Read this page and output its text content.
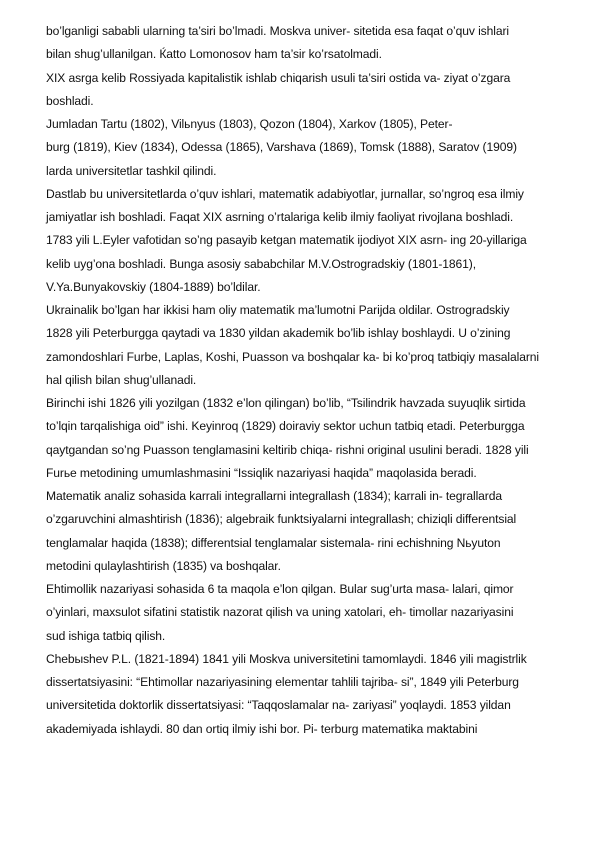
bo’lganligi sababli ularning ta’siri bo’lmadi. Moskva univer- sitetida esa faqat o’quv ishlari
bilan shug’ullanilgan. Ќatto Lomonosov ham ta’sir ko’rsatolmadi.
XIX asrga kelib Rossiyada kapitalistik ishlab chiqarish usuli ta’siri ostida va- ziyat o’zgara
boshladi.
Jumladan Tartu (1802), Vilьnyus (1803), Qozon (1804), Xarkov (1805), Peter-
burg (1819), Kiev (1834), Odessa (1865), Varshava (1869), Tomsk (1888), Saratov (1909)
larda universitetlar tashkil qilindi.
Dastlab bu universitetlarda o’quv ishlari, matematik adabiyotlar, jurnallar, so’ngroq esa ilmiy
jamiyatlar ish boshladi. Faqat XIX asrning o’rtalariga kelib ilmiy faoliyat rivojlana boshladi.
1783 yili L.Eyler vafotidan so’ng pasayib ketgan matematik ijodiyot XIX asrn- ing 20-yillariga
kelib uyg’ona boshladi. Bunga asosiy sababchilar M.V.Ostrogradskiy (1801-1861),
V.Ya.Bunyakovskiy (1804-1889) bo’ldilar.
Ukrainalik bo’lgan har ikkisi ham oliy matematik ma’lumotni Parijda oldilar. Ostrogradskiy
1828 yili Peterburgga qaytadi va 1830 yildan akademik bo’lib ishlay boshlaydi. U o’zining
zamondoshlari Furbe, Laplas, Koshi, Puasson va boshqalar ka- bi ko’proq tatbiqiy masalalarni
hal qilish bilan shug’ullanadi.
Birinchi ishi 1826 yili yozilgan (1832 e’lon qilingan) bo’lib, “Tsilindrik havzada suyuqlik sirtida
to’lqin tarqalishiga oid” ishi. Keyinroq (1829) doiraviy sektor uchun tatbiq etadi. Peterburgga
qaytgandan so’ng Puasson tenglamasini keltirib chiqa- rishni original usulini beradi. 1828 yili
Furье metodining umumlashmasini “Issiqlik nazariyasi haqida” maqolasida beradi.
Matematik analiz sohasida karrali integrallarni integrallash (1834); karrali in- tegrallarda
o’zgaruvchini almashtirish (1836); algebraik funktsiyalarni integrallash; chiziqli differentsial
tenglamalar haqida (1838); differentsial tenglamalar sistemala- rini echishning Nьyuton
metodini qulaylashtirish (1835) va boshqalar.
Ehtimollik nazariyasi sohasida 6 ta maqola e’lon qilgan. Bular sug’urta masa- lalari, qimor
o’yinlari, maxsulot sifatini statistik nazorat qilish va uning xatolari, eh- timollar nazariyasini
sud ishiga tatbiq qilish.
Chebыshev P.L. (1821-1894) 1841 yili Moskva universitetini tamomlaydi. 1846 yili magistrlik
dissertatsiyasini: “Ehtimollar nazariyasining elementar tahlili tajriba- si”, 1849 yili Peterburg
universitetida doktorlik dissertatsiyasi: “Taqqoslamalar na- zariyasi” yoqlaydi. 1853 yildan
akademiyada ishlaydi. 80 dan ortiq ilmiy ishi bor. Pi- terburg matematika maktabini
